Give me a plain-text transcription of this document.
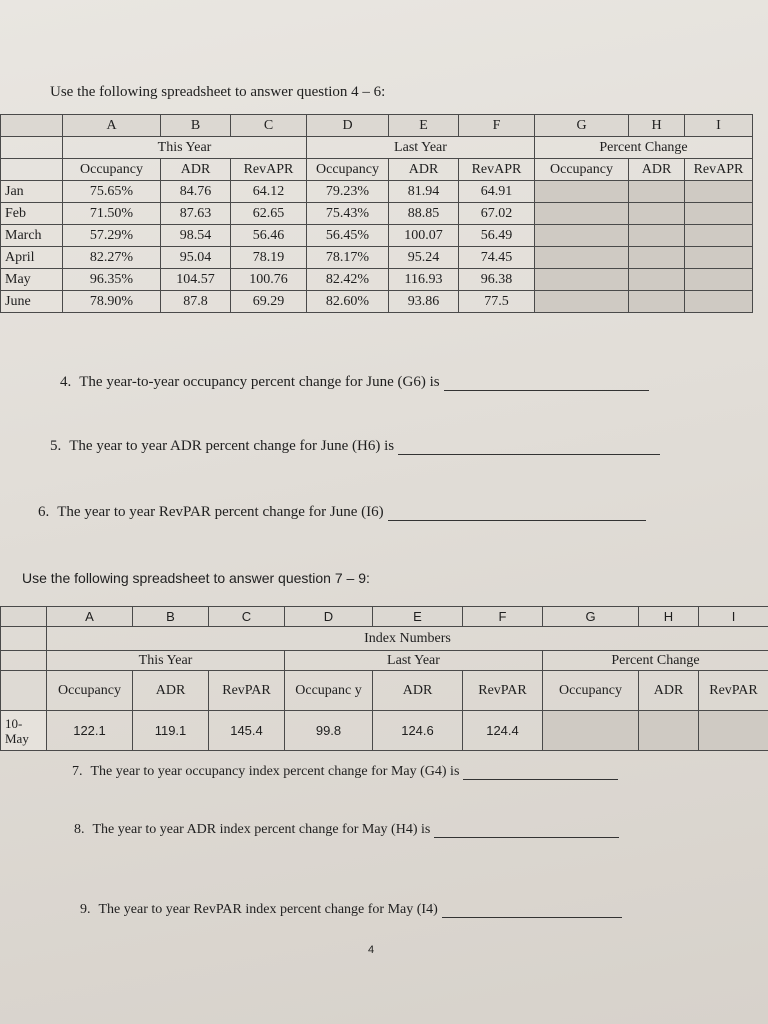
Use the following spreadsheet to answer question 4 – 6:

	A	B	C	D	E	F	G	H	I
	This Year			Last Year			Percent Change		
	Occupancy	ADR	RevAPR	Occupancy	ADR	RevAPR	Occupancy	ADR	RevAPR
Jan	75.65%	84.76	64.12	79.23%	81.94	64.91			
Feb	71.50%	87.63	62.65	75.43%	88.85	67.02			
March	57.29%	98.54	56.46	56.45%	100.07	56.49			
April	82.27%	95.04	78.19	78.17%	95.24	74.45			
May	96.35%	104.57	100.76	82.42%	116.93	96.38			
June	78.90%	87.8	69.29	82.60%	93.86	77.5			

4. The year-to-year occupancy percent change for June (G6) is

5. The year to year ADR percent change for June (H6) is

6. The year to year RevPAR percent change for June (I6)

Use the following spreadsheet to answer question 7 – 9:

	A	B	C	D	E	F	G	H	I
	Index Numbers								
	This Year			Last Year			Percent Change		
	Occupancy	ADR	RevPAR	Occupanc y	ADR	RevPAR	Occupancy	ADR	RevPAR
10- May	122.1	119.1	145.4	99.8	124.6	124.4			

7. The year to year occupancy index percent change for May (G4) is

8. The year to year ADR index percent change for May (H4) is

9. The year to year RevPAR index percent change for May (I4)

4
